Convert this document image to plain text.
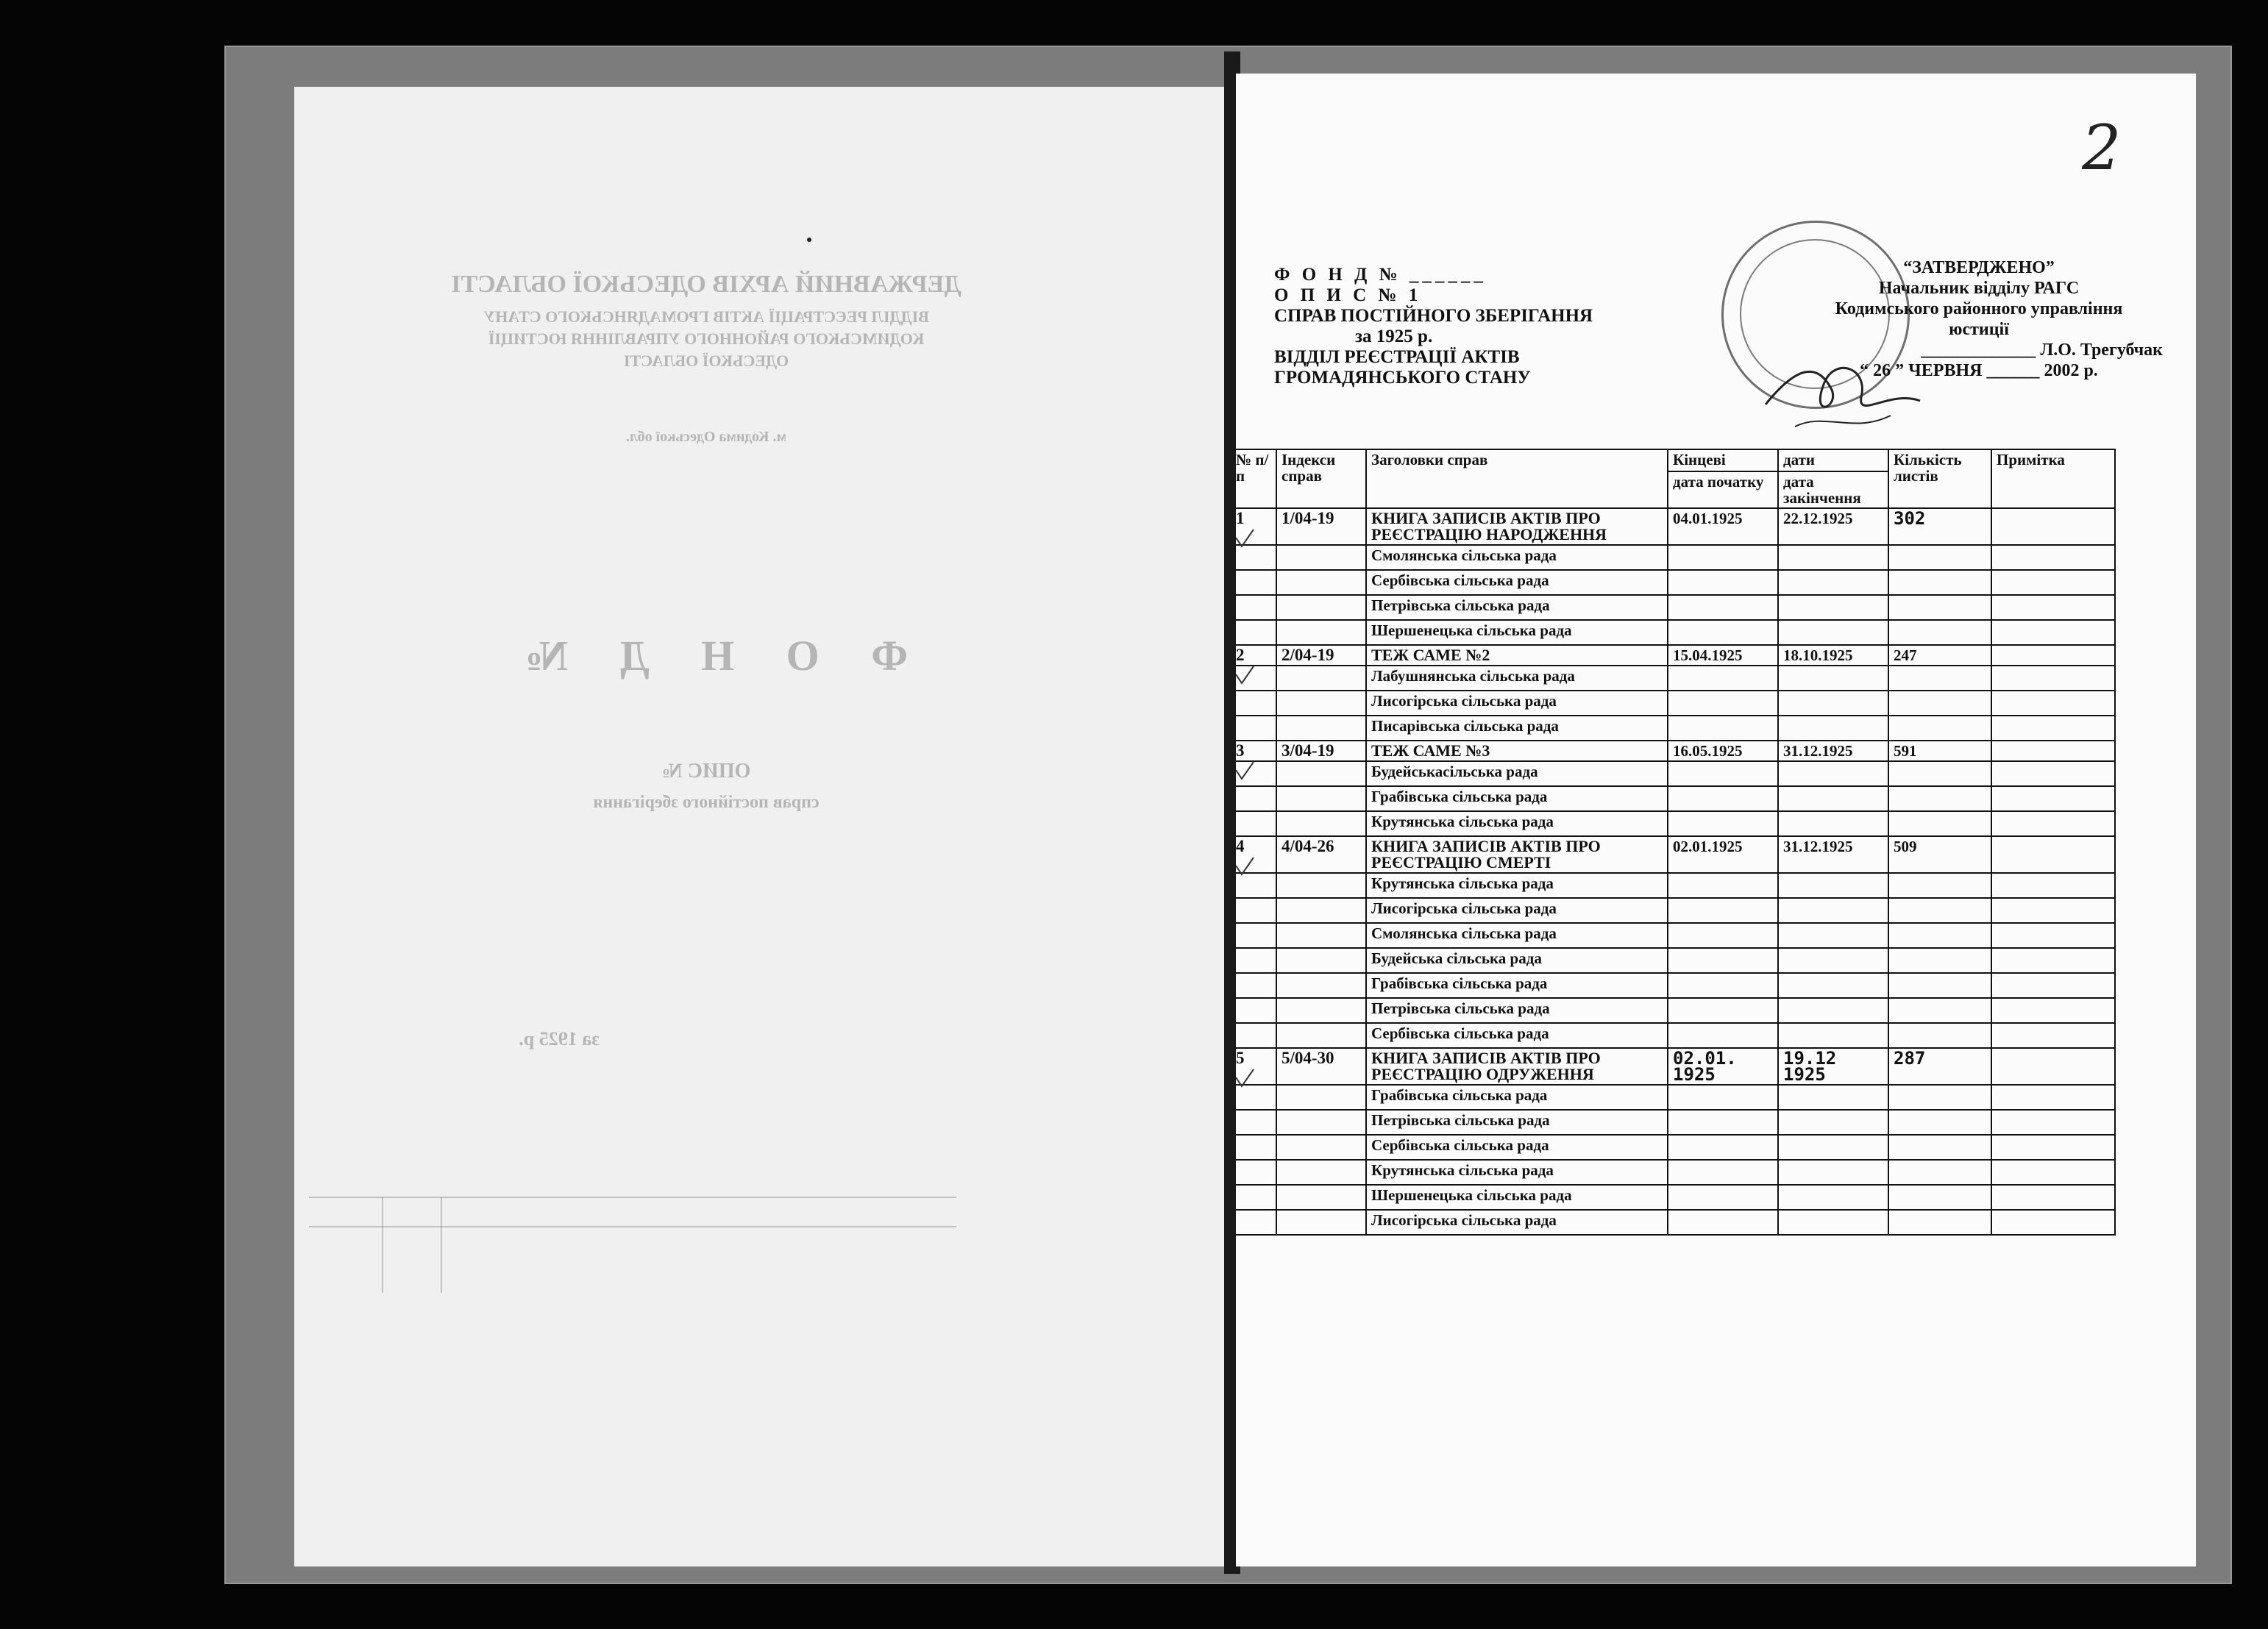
ДЕРЖАВНИЙ АРХІВ ОДЕСЬКОЇ ОБЛАСТІ
ВІДДІЛ РЕЄСТРАЦІЇ АКТІВ ГРОМАДЯНСЬКОГО СТАНУ
КОДИМСЬКОГО РАЙОННОГО УПРАВЛІННЯ ЮСТИЦІЇ
ОДЕСЬКОЇ ОБЛАСТІ
м. Кодима Одеської обл.
Ф О Н Д №
ОПИС №
справ постійного зберігання
за 1925 р.
2
Ф О Н Д № ______
О П И С № 1
СПРАВ ПОСТІЙНОГО ЗБЕРІГАННЯ
за 1925 р.
ВІДДІЛ РЕЄСТРАЦІЇ АКТІВ
ГРОМАДЯНСЬКОГО СТАНУ
“ЗАТВЕРДЖЕНО”
Начальник відділу РАГС
Кодимського районного управління
юстиції
_____________ Л.О. Трегубчак
“ 26 ” ЧЕРВНЯ ______ 2002 р.
№ п/п	Індекси справ	Заголовки справ	Кінцеві	дати	Кількість листів	Примітка
			дата початку	дата закінчення		
1	1/04-19	КНИГА ЗАПИСІВ АКТІВ ПРО РЕЄСТРАЦІЮ НАРОДЖЕННЯ	04.01.1925	22.12.1925	302	
		Смолянська сільська рада				
		Сербівська сільська рада				
		Петрівська сільська рада				
		Шершенецька сільська рада				
2	2/04-19	ТЕЖ САМЕ №2	15.04.1925	18.10.1925	247	
		Лабушнянська сільська рада				
		Лисогірська сільська рада				
		Писарівська сільська рада				
3	3/04-19	ТЕЖ САМЕ №3	16.05.1925	31.12.1925	591	
		Будейськасільська рада				
		Грабівська сільська рада				
		Крутянська сільська рада				
4	4/04-26	КНИГА ЗАПИСІВ АКТІВ ПРО РЕЄСТРАЦІЮ СМЕРТІ	02.01.1925	31.12.1925	509	
		Крутянська сільська рада				
		Лисогірська сільська рада				
		Смолянська сільська рада				
		Будейська сільська рада				
		Грабівська сільська рада				
		Петрівська сільська рада				
		Сербівська сільська рада				
5	5/04-30	КНИГА ЗАПИСІВ АКТІВ ПРО РЕЄСТРАЦІЮ ОДРУЖЕННЯ	02.01. 1925	19.12 1925	287	
		Грабівська сільська рада				
		Петрівська сільська рада				
		Сербівська сільська рада				
		Крутянська сільська рада				
		Шершенецька сільська рада				
		Лисогірська сільська рада				
